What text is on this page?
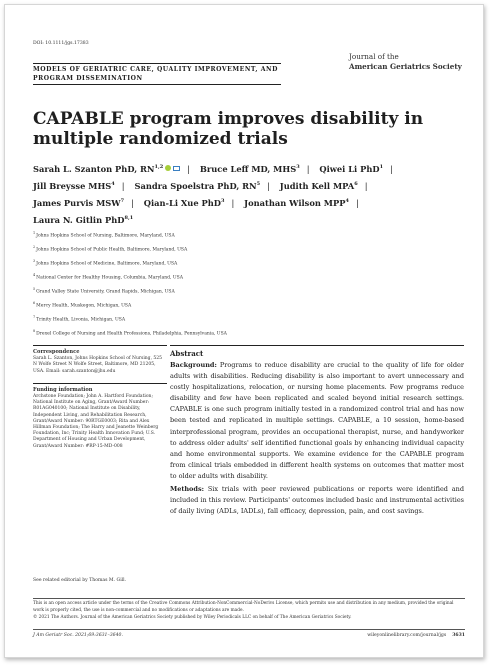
DOI: 10.1111/jgs.17383
MODELS OF GERIATRIC CARE, QUALITY IMPROVEMENT, AND PROGRAM DISSEMINATION
Journal of the
American Geriatrics Society
CAPABLE program improves disability in multiple randomized trials

Sarah L. Szanton PhD, RN$^{1,2}$	| Bruce Leff MD, MHS$^3$ | Qiwei Li PhD$^1$ |
Jill Breysse MHS$^4$ | Sandra Spoelstra PhD, $RN^5$ | Judith Kell MPA$^6$ |
James Purvis MSW$^7$ | Qian-Li Xue PhD$^3$ | Jonathan Wilson MPP$^4$ |
Laura N. Gitlin PhD$^{8,1}$

$^1$Johns Hopkins School of Nursing, Baltimore, Maryland, USA
$^2$Johns Hopkins School of Public Health, Baltimore, Maryland, USA
$^3$Johns Hopkins School of Medicine, Baltimore, Maryland, USA
$^4$National Center for Healthy Housing, Columbia, Maryland, USA
$^5$Grand Valley State University, Grand Rapids, Michigan, USA
$^6$Mercy Health, Muskegon, Michigan, USA
$^7$Trinity Health, Livonia, Michigan, USA
$^8$Drexel College of Nursing and Health Professions, Philadelphia, Pennsylvania, USA
Correspondence
Sarah L. Szanton, Johns Hopkins School of Nursing, 525 N Wolfe Street N Wolfe Street, Baltimore, MD 21205, USA. Email: sarah.szanton@jhu.edu
Funding information
Archstone Foundation; John A. Hartford Foundation; National Institute on Aging, Grant/Award Number: R01AG040100; National Institute on Disability, Independent Living, and Rehabilitation Research, Grant/Award Number: 90RTGE0003; Rita and Alex Hillman Foundation; The Harry and Jeanette Weinberg Foundation, Inc; Trinity Health Innovation Fund; U.S. Department of Housing and Urban Development, Grant/Award Number: #RP-15-MD-008
Abstract

Background: Programs to reduce disability are crucial to the quality of life for older adults with disabilities. Reducing disability is also important to avert unnecessary and costly hospitalizations, relocation, or nursing home placements. Few programs reduce disability and few have been replicated and scaled beyond initial research settings. CAPABLE is one such program initially tested in a randomized control trial and has now been tested and replicated in multiple settings. CAPABLE, a 10 session, home-based interprofessional program, provides an occupational therapist, nurse, and handyworker to address older adults' self identified functional goals by enhancing individual capacity and home environmental supports. We examine evidence for the CAPABLE program from clinical trials embedded in different health systems on outcomes that matter most to older adults with disability.

Methods: Six trials with peer reviewed publications or reports were identified and included in this review. Participants' outcomes included basic and instrumental activities of daily living (ADLs, IADLs), fall efficacy, depression, pain, and cost savings.

See related editorial by Thomas M. Gill.

This is an open access article under the terms of the Creative Commons Attribution-NonCommercial-NoDerivs License, which permits use and distribution in any medium, provided the original work is properly cited, the use is non-commercial and no modifications or adaptations are made.

© 2021 The Authors. Journal of the American Geriatrics Society published by Wiley Periodicals LLC on behalf of The American Geriatrics Society.

J Am Geriatr Soc. 2021;69:3631–3640.	wileyonlinelibrary.com/journal/jgs 3631
